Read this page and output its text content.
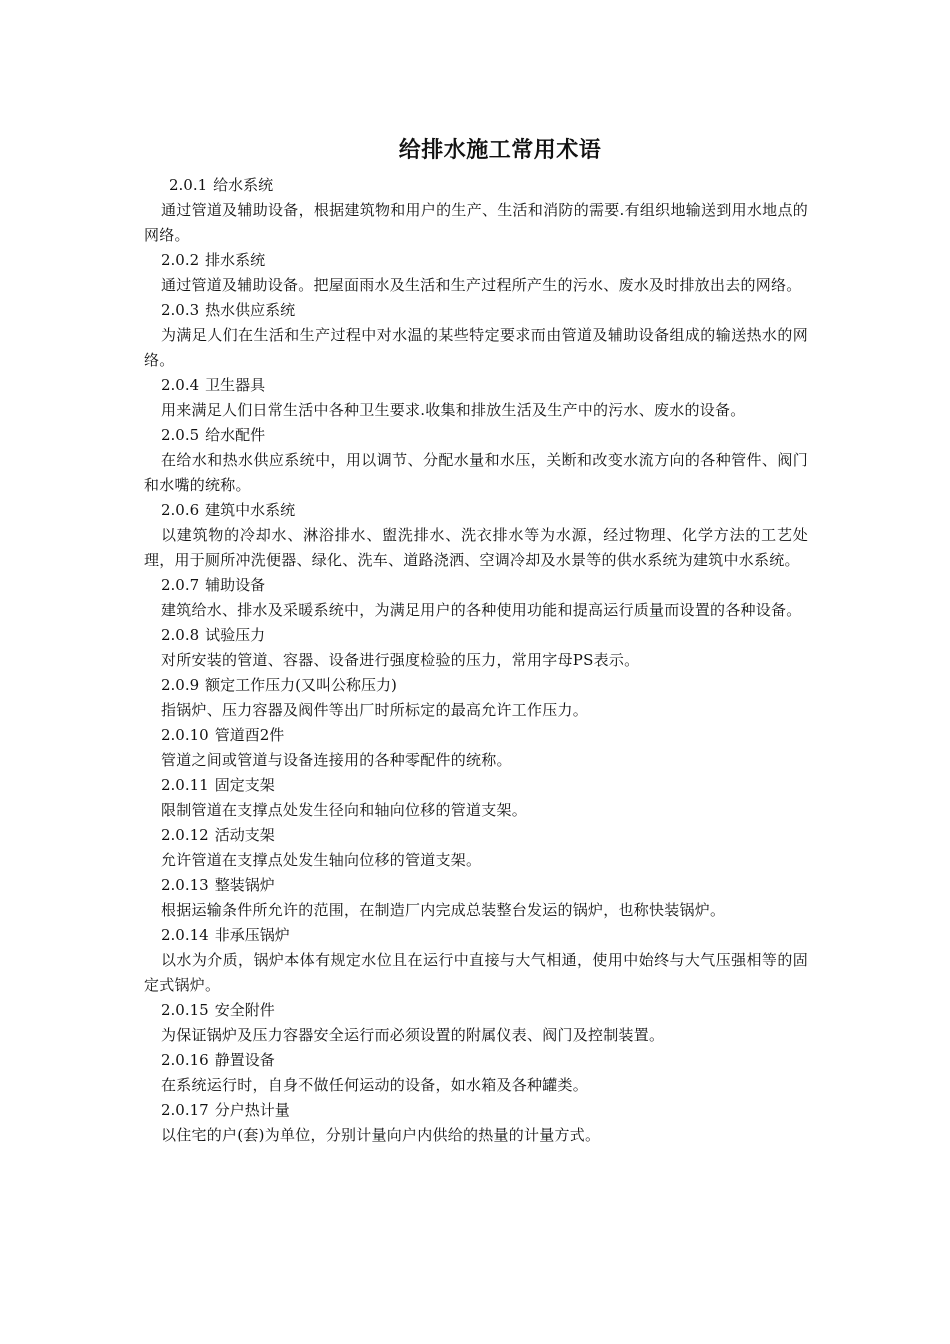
给排水施工常用术语
2.0.1 给水系统
通过管道及辅助设备，根据建筑物和用户的生产、生活和消防的需要.有组织地输送到用水地点的网络。
2.0.2 排水系统
通过管道及辅助设备。把屋面雨水及生活和生产过程所产生的污水、废水及时排放出去的网络。
2.0.3 热水供应系统
为满足人们在生活和生产过程中对水温的某些特定要求而由管道及辅助设备组成的输送热水的网络。
2.0.4 卫生器具
用来满足人们日常生活中各种卫生要求.收集和排放生活及生产中的污水、废水的设备。
2.0.5 给水配件
在给水和热水供应系统中，用以调节、分配水量和水压，关断和改变水流方向的各种管件、阀门和水嘴的统称。
2.0.6 建筑中水系统
以建筑物的冷却水、淋浴排水、盥洗排水、洗衣排水等为水源，经过物理、化学方法的工艺处理，用于厕所冲洗便器、绿化、洗车、道路浇洒、空调冷却及水景等的供水系统为建筑中水系统。
2.0.7 辅助设备
建筑给水、排水及采暖系统中，为满足用户的各种使用功能和提高运行质量而设置的各种设备。
2.0.8 试验压力
对所安装的管道、容器、设备进行强度检验的压力，常用字母PS表示。
2.0.9 额定工作压力(又叫公称压力)
指锅炉、压力容器及阀件等出厂时所标定的最高允许工作压力。
2.0.10 管道酉2件
管道之间或管道与设备连接用的各种零配件的统称。
2.0.11 固定支架
限制管道在支撑点处发生径向和轴向位移的管道支架。
2.0.12 活动支架
允许管道在支撑点处发生轴向位移的管道支架。
2.0.13 整装锅炉
根据运输条件所允许的范围，在制造厂内完成总装整台发运的锅炉，也称快装锅炉。
2.0.14 非承压锅炉
以水为介质，锅炉本体有规定水位且在运行中直接与大气相通，使用中始终与大气压强相等的固定式锅炉。
2.0.15 安全附件
为保证锅炉及压力容器安全运行而必须设置的附属仪表、阀门及控制装置。
2.0.16 静置设备
在系统运行时，自身不做任何运动的设备，如水箱及各种罐类。
2.0.17 分户热计量
以住宅的户(套)为单位，分别计量向户内供给的热量的计量方式。
